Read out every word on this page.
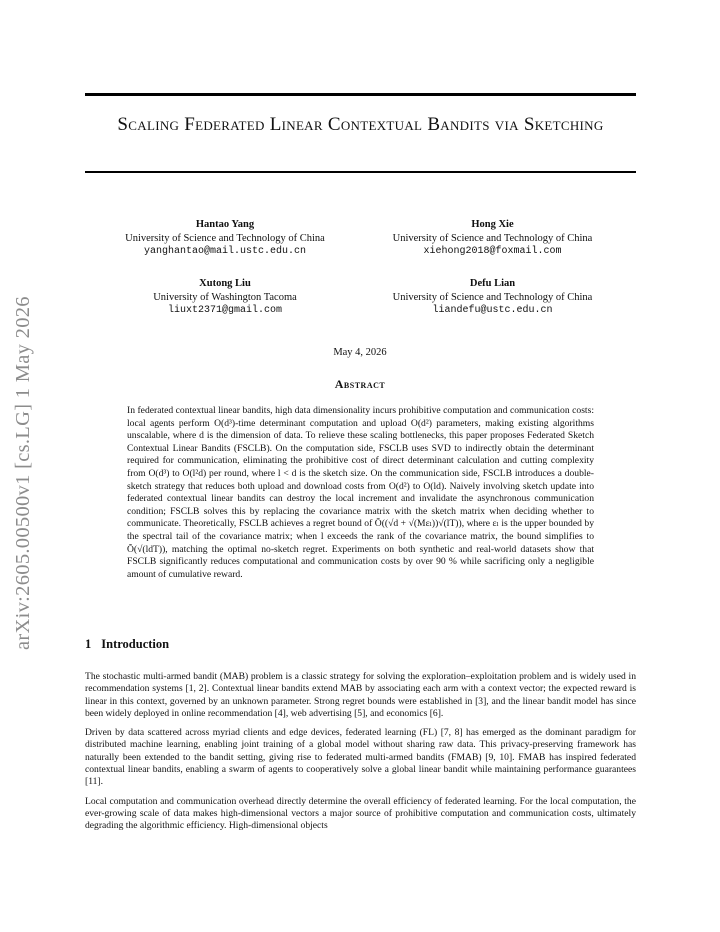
arXiv:2605.00500v1 [cs.LG] 1 May 2026
Scaling Federated Linear Contextual Bandits via Sketching
Hantao Yang
University of Science and Technology of China
yanghantao@mail.ustc.edu.cn
Hong Xie
University of Science and Technology of China
xiehong2018@foxmail.com
Xutong Liu
University of Washington Tacoma
liuxt2371@gmail.com
Defu Lian
University of Science and Technology of China
liandefu@ustc.edu.cn
May 4, 2026
Abstract
In federated contextual linear bandits, high data dimensionality incurs prohibitive computation and communication costs: local agents perform O(d³)-time determinant computation and upload O(d²) parameters, making existing algorithms unscalable, where d is the dimension of data. To relieve these scaling bottlenecks, this paper proposes Federated Sketch Contextual Linear Bandits (FSCLB). On the computation side, FSCLB uses SVD to indirectly obtain the determinant required for communication, eliminating the prohibitive cost of direct determinant calculation and cutting complexity from O(d³) to O(l²d) per round, where l < d is the sketch size. On the communication side, FSCLB introduces a double-sketch strategy that reduces both upload and download costs from O(d²) to O(ld). Naively involving sketch update into federated contextual linear bandits can destroy the local increment and invalidate the asynchronous communication condition; FSCLB solves this by replacing the covariance matrix with the sketch matrix when deciding whether to communicate. Theoretically, FSCLB achieves a regret bound of Õ((√d + √(Mεₗ))√(lT)), where εₗ is the upper bounded by the spectral tail of the covariance matrix; when l exceeds the rank of the covariance matrix, the bound simplifies to Õ(√(ldT)), matching the optimal no-sketch regret. Experiments on both synthetic and real-world datasets show that FSCLB significantly reduces computational and communication costs by over 90 % while sacrificing only a negligible amount of cumulative reward.
1 Introduction

The stochastic multi-armed bandit (MAB) problem is a classic strategy for solving the exploration–exploitation problem and is widely used in recommendation systems [1, 2]. Contextual linear bandits extend MAB by associating each arm with a context vector; the expected reward is linear in this context, governed by an unknown parameter. Strong regret bounds were established in [3], and the linear bandit model has since been widely deployed in online recommendation [4], web advertising [5], and economics [6].

Driven by data scattered across myriad clients and edge devices, federated learning (FL) [7, 8] has emerged as the dominant paradigm for distributed machine learning, enabling joint training of a global model without sharing raw data. This privacy-preserving framework has naturally been extended to the bandit setting, giving rise to federated multi-armed bandits (FMAB) [9, 10]. FMAB has inspired federated contextual linear bandits, enabling a swarm of agents to cooperatively solve a global linear bandit while maintaining performance guarantees [11].

Local computation and communication overhead directly determine the overall efficiency of federated learning. For the local computation, the ever-growing scale of data makes high-dimensional vectors a major source of prohibitive computation and communication costs, ultimately degrading the algorithmic efficiency. High-dimensional objects
